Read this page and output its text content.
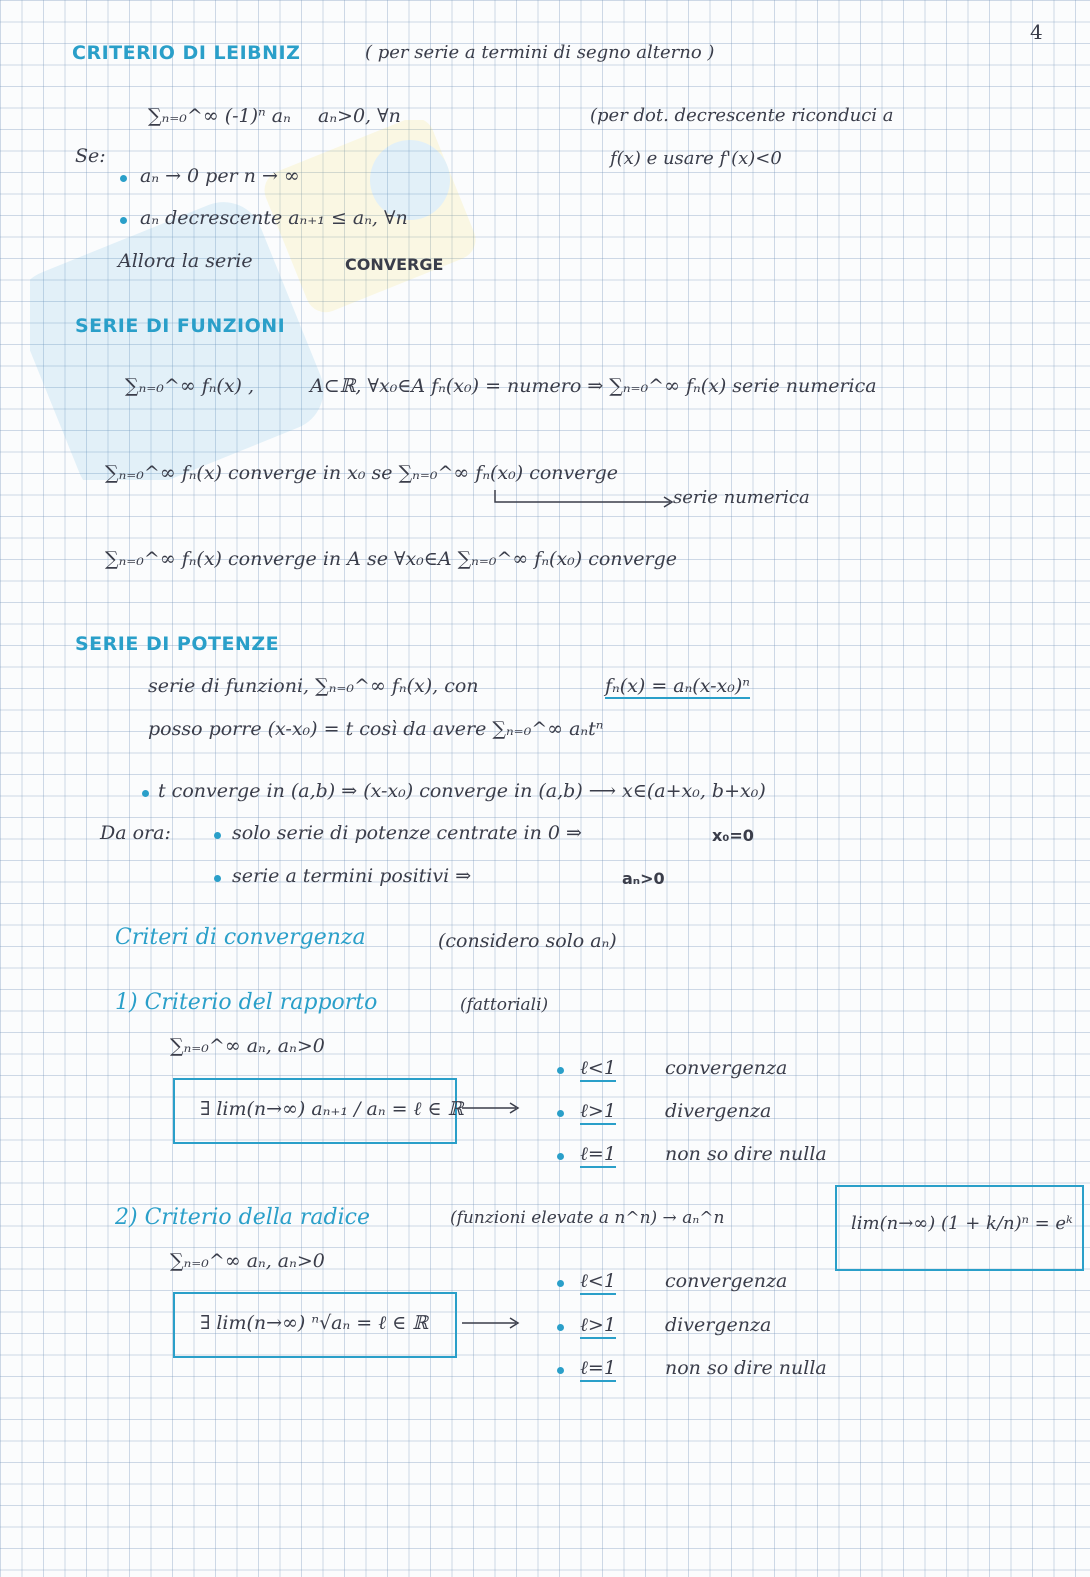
4
CRITERIO DI LEIBNIZ	( per serie a termini di segno alterno )
∑ₙ₌₀^∞ (-1)ⁿ aₙ aₙ>0, ∀n	(per dot. decrescente riconduci a
f(x) e usare f'(x)<0
Se:
aₙ → 0 per n → ∞
aₙ decrescente aₙ₊₁ ≤ aₙ, ∀n
Allora la serie	CONVERGE
SERIE DI FUNZIONI
∑ₙ₌₀^∞ fₙ(x) ,	A⊂ℝ, ∀x₀∈A fₙ(x₀) = numero ⇒ ∑ₙ₌₀^∞ fₙ(x) serie numerica
∑ₙ₌₀^∞ fₙ(x) converge in x₀ se ∑ₙ₌₀^∞ fₙ(x₀) converge
serie numerica
∑ₙ₌₀^∞ fₙ(x) converge in A se ∀x₀∈A ∑ₙ₌₀^∞ fₙ(x₀) converge
SERIE DI POTENZE
serie di funzioni, ∑ₙ₌₀^∞ fₙ(x), con	fₙ(x) = aₙ(x-x₀)ⁿ
posso porre (x-x₀) = t così da avere ∑ₙ₌₀^∞ aₙtⁿ
t converge in (a,b) ⇒ (x-x₀) converge in (a,b) ⟶ x∈(a+x₀, b+x₀)
Da ora:	solo serie di potenze centrate in 0 ⇒	x₀=0
serie a termini positivi ⇒	aₙ>0
Criteri di convergenza	(considero solo aₙ)
1) Criterio del rapporto	(fattoriali)
∑ₙ₌₀^∞ aₙ, aₙ>0
∃ lim(n→∞) aₙ₊₁ / aₙ = ℓ ∈ ℝ
ℓ<1	convergenza
ℓ>1	divergenza
ℓ=1	non so dire nulla
2) Criterio della radice	(funzioni elevate a n^n) → aₙ^n	lim(n→∞) (1 + k/n)ⁿ = eᵏ
∑ₙ₌₀^∞ aₙ, aₙ>0
∃ lim(n→∞) ⁿ√aₙ = ℓ ∈ ℝ
ℓ<1	convergenza
ℓ>1	divergenza
ℓ=1	non so dire nulla
